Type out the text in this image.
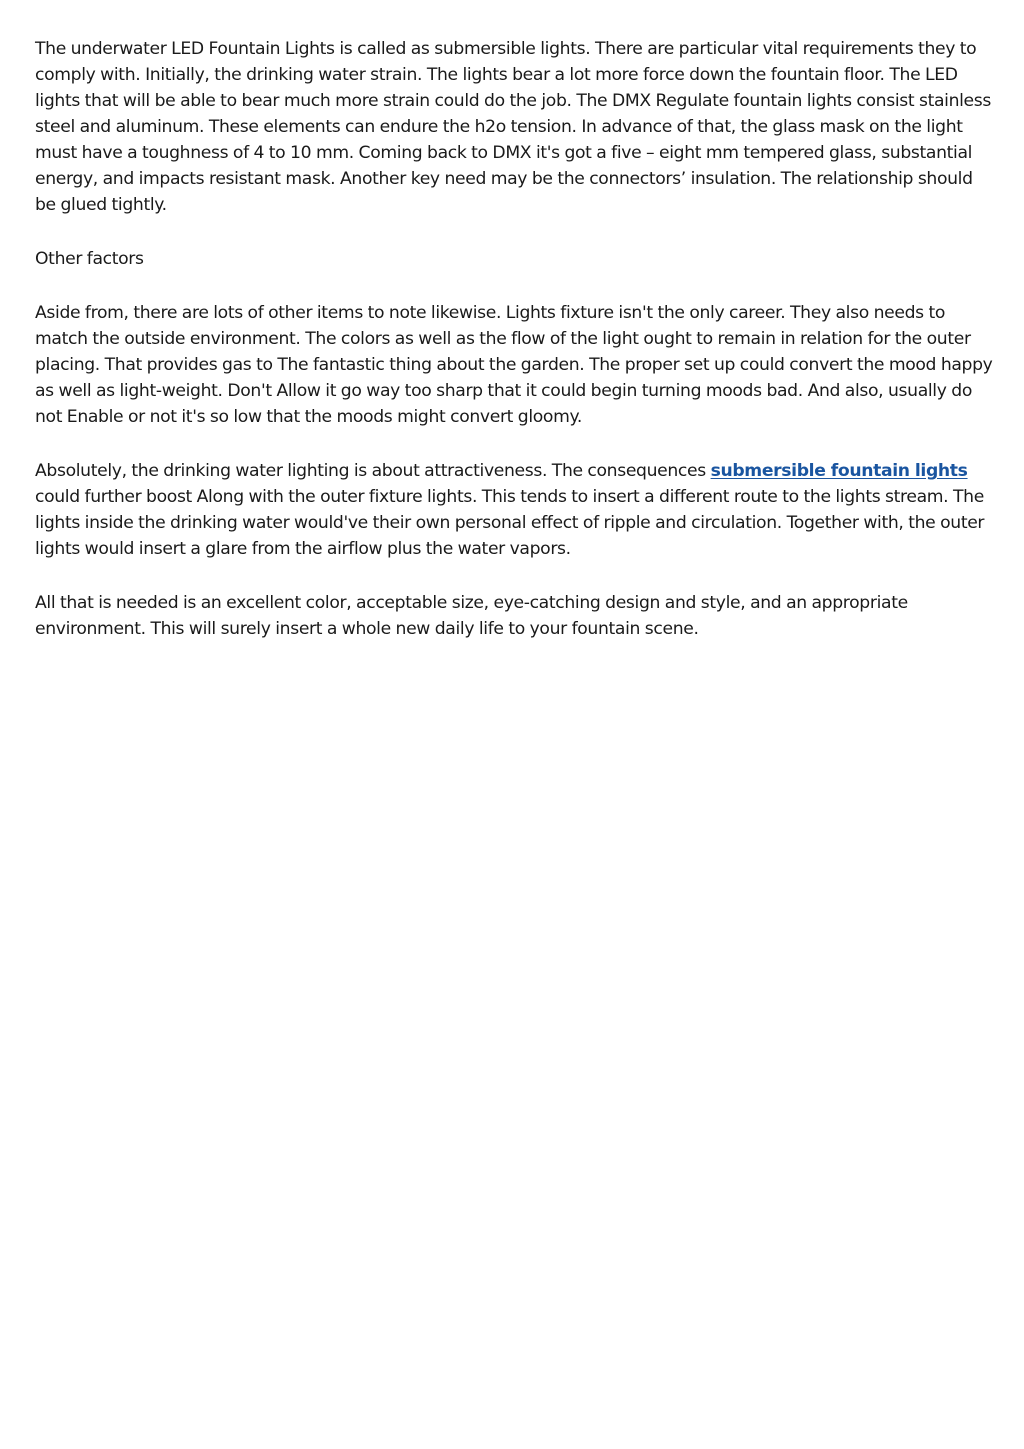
The underwater LED Fountain Lights is called as submersible lights. There are particular vital requirements they to comply with. Initially, the drinking water strain. The lights bear a lot more force down the fountain floor. The LED lights that will be able to bear much more strain could do the job. The DMX Regulate fountain lights consist stainless steel and aluminum. These elements can endure the h2o tension. In advance of that, the glass mask on the light must have a toughness of 4 to 10 mm. Coming back to DMX it's got a five – eight mm tempered glass, substantial energy, and impacts resistant mask. Another key need may be the connectors’ insulation. The relationship should be glued tightly.

Other factors

Aside from, there are lots of other items to note likewise. Lights fixture isn't the only career. They also needs to match the outside environment. The colors as well as the flow of the light ought to remain in relation for the outer placing. That provides gas to The fantastic thing about the garden. The proper set up could convert the mood happy as well as light-weight. Don't Allow it go way too sharp that it could begin turning moods bad. And also, usually do not Enable or not it's so low that the moods might convert gloomy.

Absolutely, the drinking water lighting is about attractiveness. The consequences submersible fountain lights could further boost Along with the outer fixture lights. This tends to insert a different route to the lights stream. The lights inside the drinking water would've their own personal effect of ripple and circulation. Together with, the outer lights would insert a glare from the airflow plus the water vapors.

All that is needed is an excellent color, acceptable size, eye-catching design and style, and an appropriate environment. This will surely insert a whole new daily life to your fountain scene.
